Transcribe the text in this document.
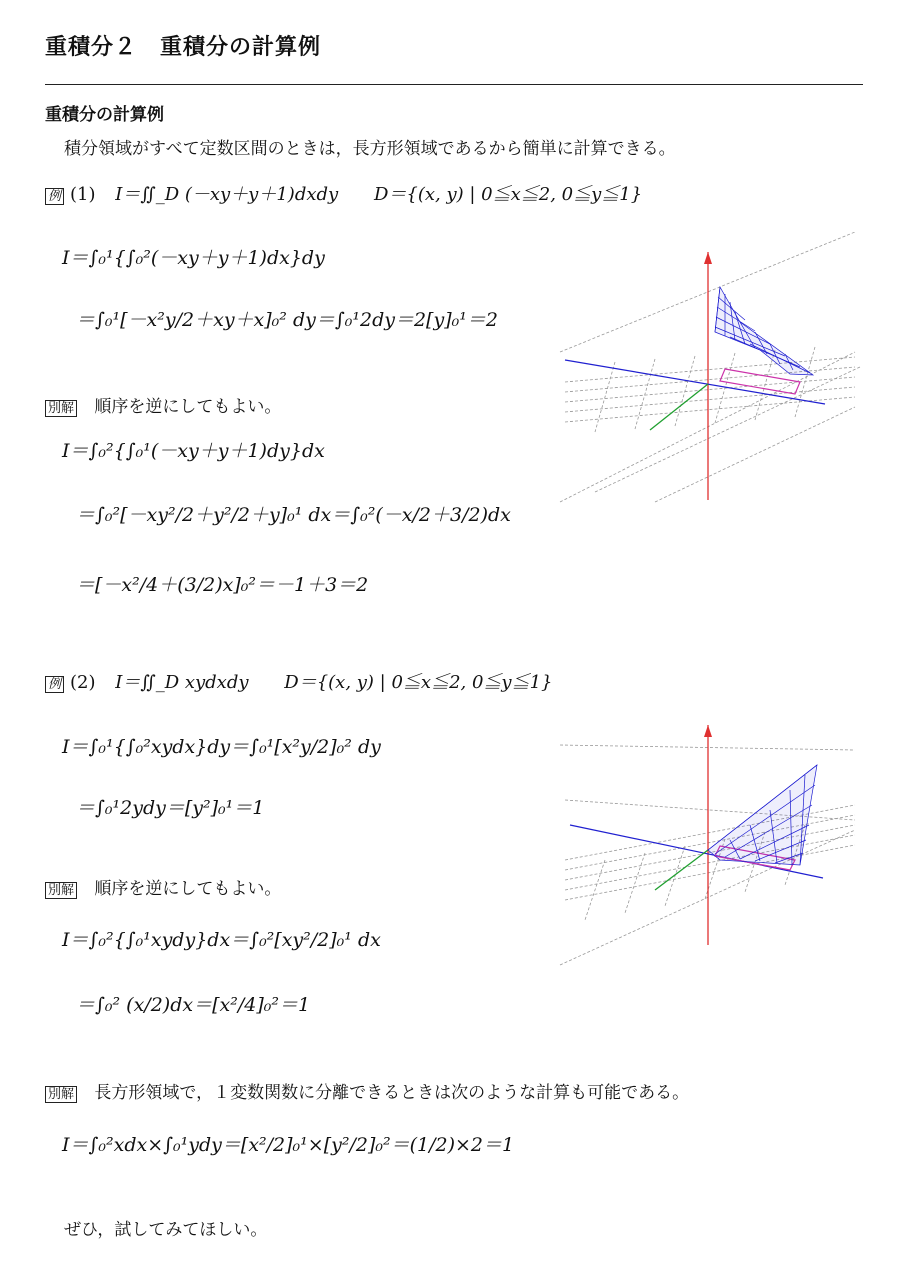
重積分２　重積分の計算例
重積分の計算例
積分領域がすべて定数区間のときは，長方形領域であるから簡単に計算できる。
例 (1) I＝∬_D (－xy＋y＋1)dxdy D＝{(x, y) | 0≦x≦2, 0≦y≦1}
I＝∫₀¹{∫₀²(－xy＋y＋1)dx}dy
＝∫₀¹[－x²y/2＋xy＋x]₀² dy＝∫₀¹2dy＝2[y]₀¹＝2
別解 順序を逆にしてもよい。
I＝∫₀²{∫₀¹(－xy＋y＋1)dy}dx
＝∫₀²[－xy²/2＋y²/2＋y]₀¹ dx＝∫₀²(－x/2＋3/2)dx
＝[－x²/4＋(3/2)x]₀²＝－1＋3＝2
例 (2) I＝∬_D xydxdy D＝{(x, y) | 0≦x≦2, 0≦y≦1}
I＝∫₀¹{∫₀²xydx}dy＝∫₀¹[x²y/2]₀² dy
＝∫₀¹2ydy＝[y²]₀¹＝1
別解 順序を逆にしてもよい。
I＝∫₀²{∫₀¹xydy}dx＝∫₀²[xy²/2]₀¹ dx
＝∫₀² (x/2)dx＝[x²/4]₀²＝1
別解 長方形領域で，１変数関数に分離できるときは次のような計算も可能である。
I＝∫₀²xdx×∫₀¹ydy＝[x²/2]₀¹×[y²/2]₀²＝(1/2)×2＝1
ぜひ，試してみてほしい。
